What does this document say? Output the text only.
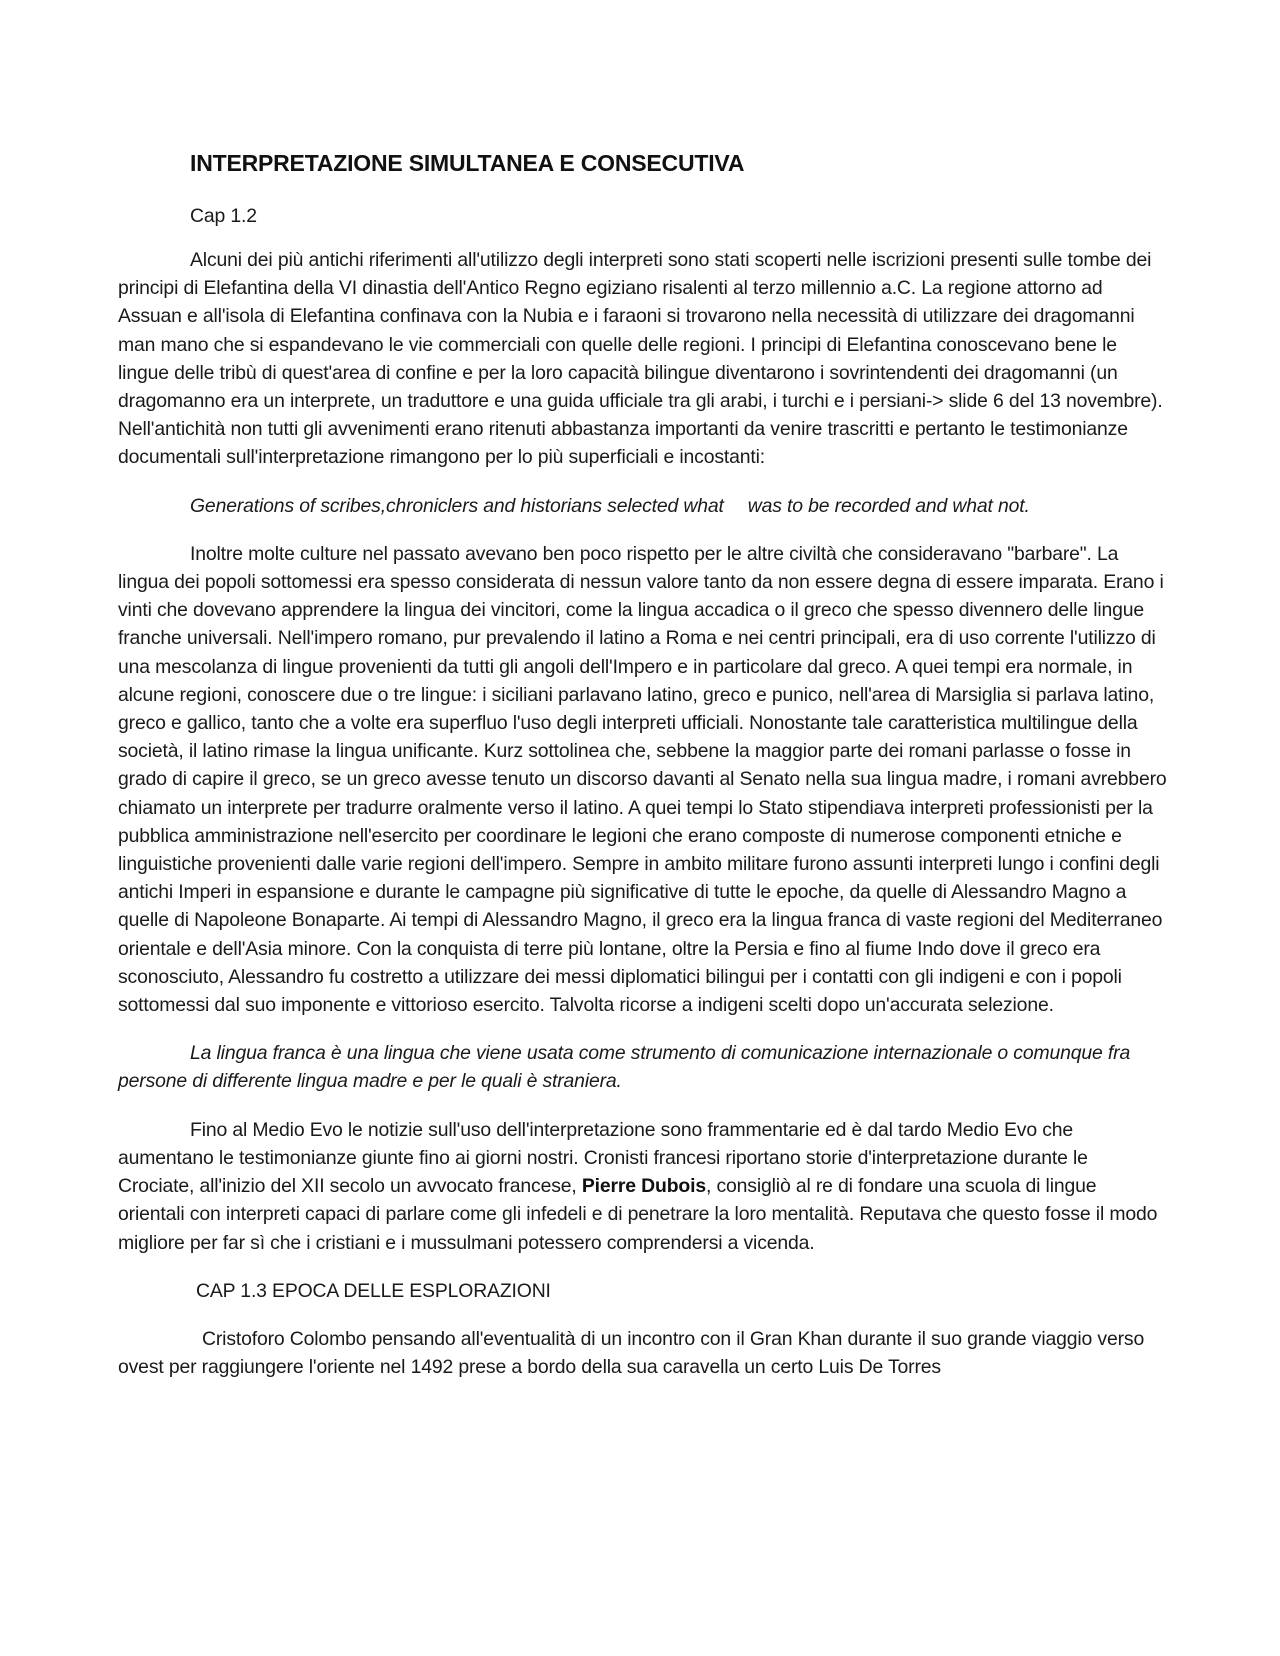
INTERPRETAZIONE SIMULTANEA E CONSECUTIVA
Cap 1.2

Alcuni dei più antichi riferimenti all'utilizzo degli interpreti sono stati scoperti nelle iscrizioni presenti sulle tombe dei principi di Elefantina della VI dinastia dell'Antico Regno egiziano risalenti al terzo millennio a.C. La regione attorno ad Assuan e all'isola di Elefantina confinava con la Nubia e i faraoni si trovarono nella necessità di utilizzare dei dragomanni man mano che si espandevano le vie commerciali con quelle delle regioni. I principi di Elefantina conoscevano bene le lingue delle tribù di quest'area di confine e per la loro capacità bilingue diventarono i sovrintendenti dei dragomanni (un dragomanno era un interprete, un traduttore e una guida ufficiale tra gli arabi, i turchi e i persiani-> slide 6 del 13 novembre). Nell'antichità non tutti gli avvenimenti erano ritenuti abbastanza importanti da venire trascritti e pertanto le testimonianze documentali sull'interpretazione rimangono per lo più superficiali e incostanti:

Generations of scribes,chroniclers and historians selected what was to be recorded and what not.

Inoltre molte culture nel passato avevano ben poco rispetto per le altre civiltà che consideravano "barbare". La lingua dei popoli sottomessi era spesso considerata di nessun valore tanto da non essere degna di essere imparata. Erano i vinti che dovevano apprendere la lingua dei vincitori, come la lingua accadica o il greco che spesso divennero delle lingue franche universali. Nell'impero romano, pur prevalendo il latino a Roma e nei centri principali, era di uso corrente l'utilizzo di una mescolanza di lingue provenienti da tutti gli angoli dell'Impero e in particolare dal greco. A quei tempi era normale, in alcune regioni, conoscere due o tre lingue: i siciliani parlavano latino, greco e punico, nell'area di Marsiglia si parlava latino, greco e gallico, tanto che a volte era superfluo l'uso degli interpreti ufficiali. Nonostante tale caratteristica multilingue della società, il latino rimase la lingua unificante. Kurz sottolinea che, sebbene la maggior parte dei romani parlasse o fosse in grado di capire il greco, se un greco avesse tenuto un discorso davanti al Senato nella sua lingua madre, i romani avrebbero chiamato un interprete per tradurre oralmente verso il latino. A quei tempi lo Stato stipendiava interpreti professionisti per la pubblica amministrazione nell'esercito per coordinare le legioni che erano composte di numerose componenti etniche e linguistiche provenienti dalle varie regioni dell'impero. Sempre in ambito militare furono assunti interpreti lungo i confini degli antichi Imperi in espansione e durante le campagne più significative di tutte le epoche, da quelle di Alessandro Magno a quelle di Napoleone Bonaparte. Ai tempi di Alessandro Magno, il greco era la lingua franca di vaste regioni del Mediterraneo orientale e dell'Asia minore. Con la conquista di terre più lontane, oltre la Persia e fino al fiume Indo dove il greco era sconosciuto, Alessandro fu costretto a utilizzare dei messi diplomatici bilingui per i contatti con gli indigeni e con i popoli sottomessi dal suo imponente e vittorioso esercito. Talvolta ricorse a indigeni scelti dopo un'accurata selezione.

La lingua franca è una lingua che viene usata come strumento di comunicazione internazionale o comunque fra persone di differente lingua madre e per le quali è straniera.

Fino al Medio Evo le notizie sull'uso dell'interpretazione sono frammentarie ed è dal tardo Medio Evo che aumentano le testimonianze giunte fino ai giorni nostri. Cronisti francesi riportano storie d'interpretazione durante le Crociate, all'inizio del XII secolo un avvocato francese, Pierre Dubois, consigliò al re di fondare una scuola di lingue orientali con interpreti capaci di parlare come gli infedeli e di penetrare la loro mentalità. Reputava che questo fosse il modo migliore per far sì che i cristiani e i mussulmani potessero comprendersi a vicenda.

CAP 1.3 EPOCA DELLE ESPLORAZIONI

Cristoforo Colombo pensando all'eventualità di un incontro con il Gran Khan durante il suo grande viaggio verso ovest per raggiungere l'oriente nel 1492 prese a bordo della sua caravella un certo Luis De Torres
